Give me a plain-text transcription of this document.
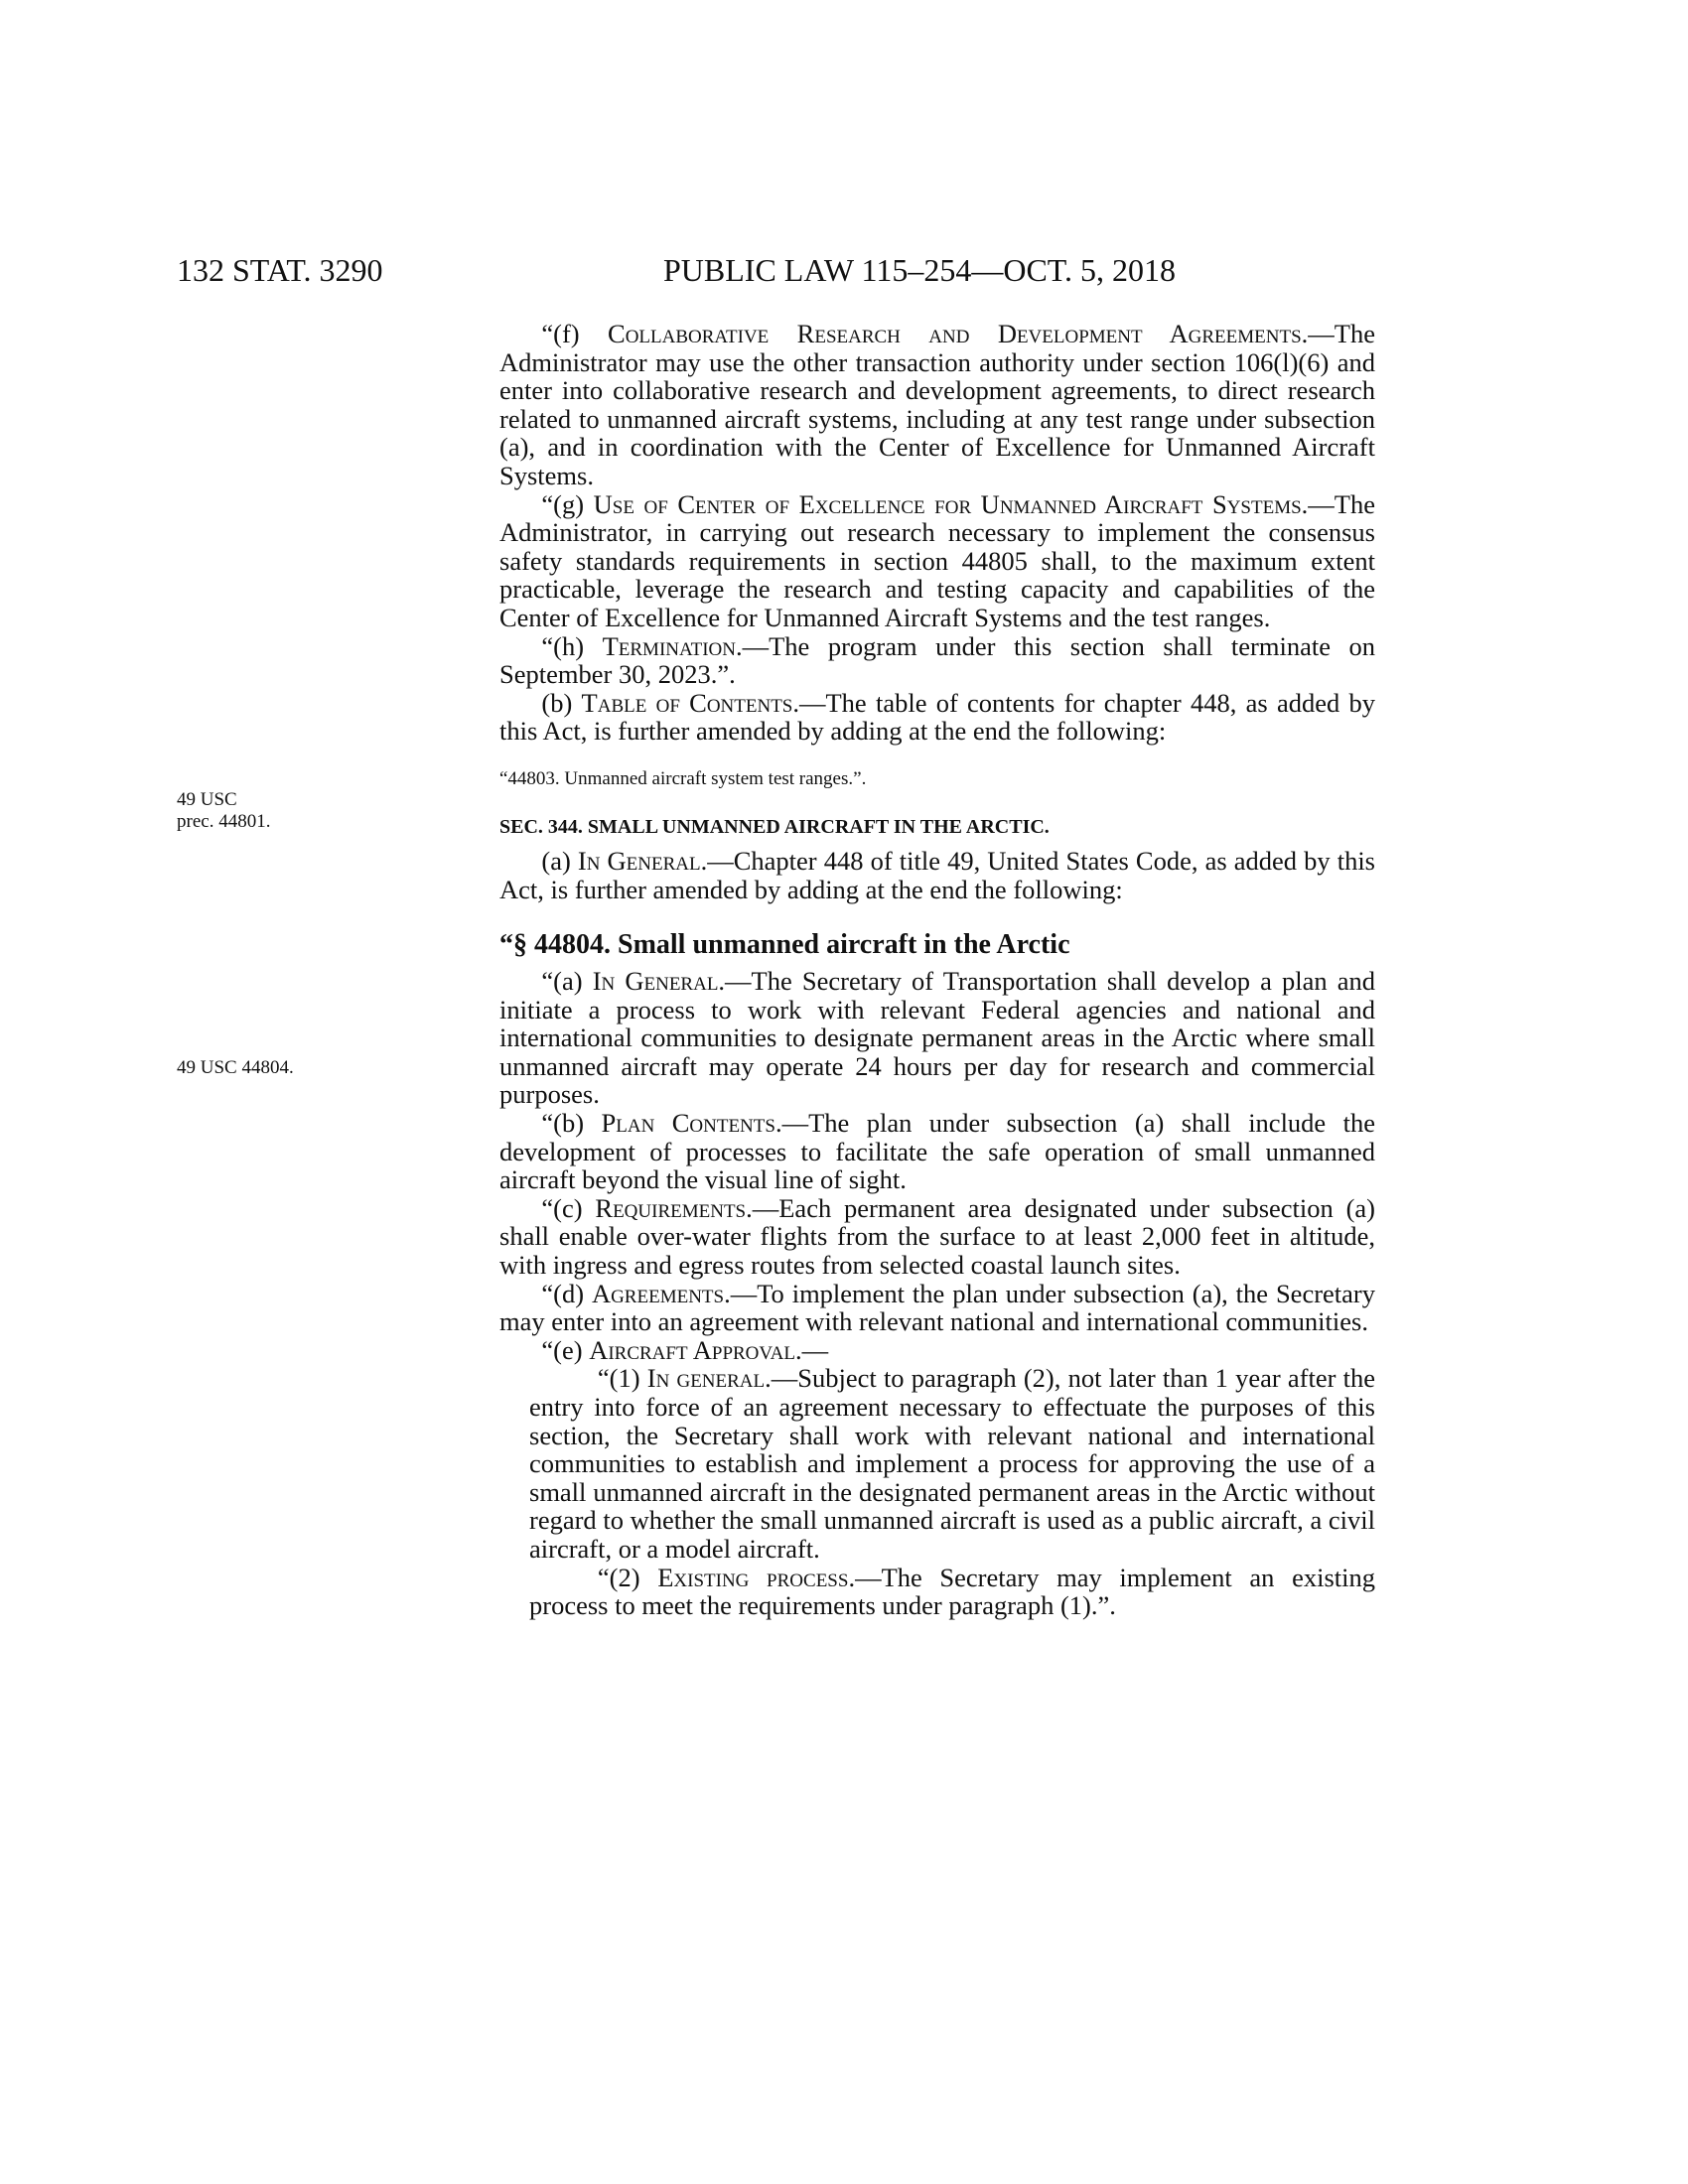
132 STAT. 3290	PUBLIC LAW 115–254—OCT. 5, 2018
49 USC
prec. 44801.
49 USC 44804.

“(f) Collaborative Research and Development Agreements.—The Administrator may use the other transaction authority under section 106(l)(6) and enter into collaborative research and development agreements, to direct research related to unmanned aircraft systems, including at any test range under subsection (a), and in coordination with the Center of Excellence for Unmanned Aircraft Systems.

“(g) Use of Center of Excellence for Unmanned Aircraft Systems.—The Administrator, in carrying out research necessary to implement the consensus safety standards requirements in section 44805 shall, to the maximum extent practicable, leverage the research and testing capacity and capabilities of the Center of Excellence for Unmanned Aircraft Systems and the test ranges.

“(h) Termination.—The program under this section shall terminate on September 30, 2023.”.

(b) Table of Contents.—The table of contents for chapter 448, as added by this Act, is further amended by adding at the end the following:

“44803. Unmanned aircraft system test ranges.”.

SEC. 344. SMALL UNMANNED AIRCRAFT IN THE ARCTIC.

(a) In General.—Chapter 448 of title 49, United States Code, as added by this Act, is further amended by adding at the end the following:

“§ 44804. Small unmanned aircraft in the Arctic

“(a) In General.—The Secretary of Transportation shall develop a plan and initiate a process to work with relevant Federal agencies and national and international communities to designate permanent areas in the Arctic where small unmanned aircraft may operate 24 hours per day for research and commercial purposes.

“(b) Plan Contents.—The plan under subsection (a) shall include the development of processes to facilitate the safe operation of small unmanned aircraft beyond the visual line of sight.

“(c) Requirements.—Each permanent area designated under subsection (a) shall enable over-water flights from the surface to at least 2,000 feet in altitude, with ingress and egress routes from selected coastal launch sites.

“(d) Agreements.—To implement the plan under subsection (a), the Secretary may enter into an agreement with relevant national and international communities.

“(e) Aircraft Approval.—

“(1) In general.—Subject to paragraph (2), not later than 1 year after the entry into force of an agreement necessary to effectuate the purposes of this section, the Secretary shall work with relevant national and international communities to establish and implement a process for approving the use of a small unmanned aircraft in the designated permanent areas in the Arctic without regard to whether the small unmanned aircraft is used as a public aircraft, a civil aircraft, or a model aircraft.

“(2) Existing process.—The Secretary may implement an existing process to meet the requirements under paragraph (1).”.
